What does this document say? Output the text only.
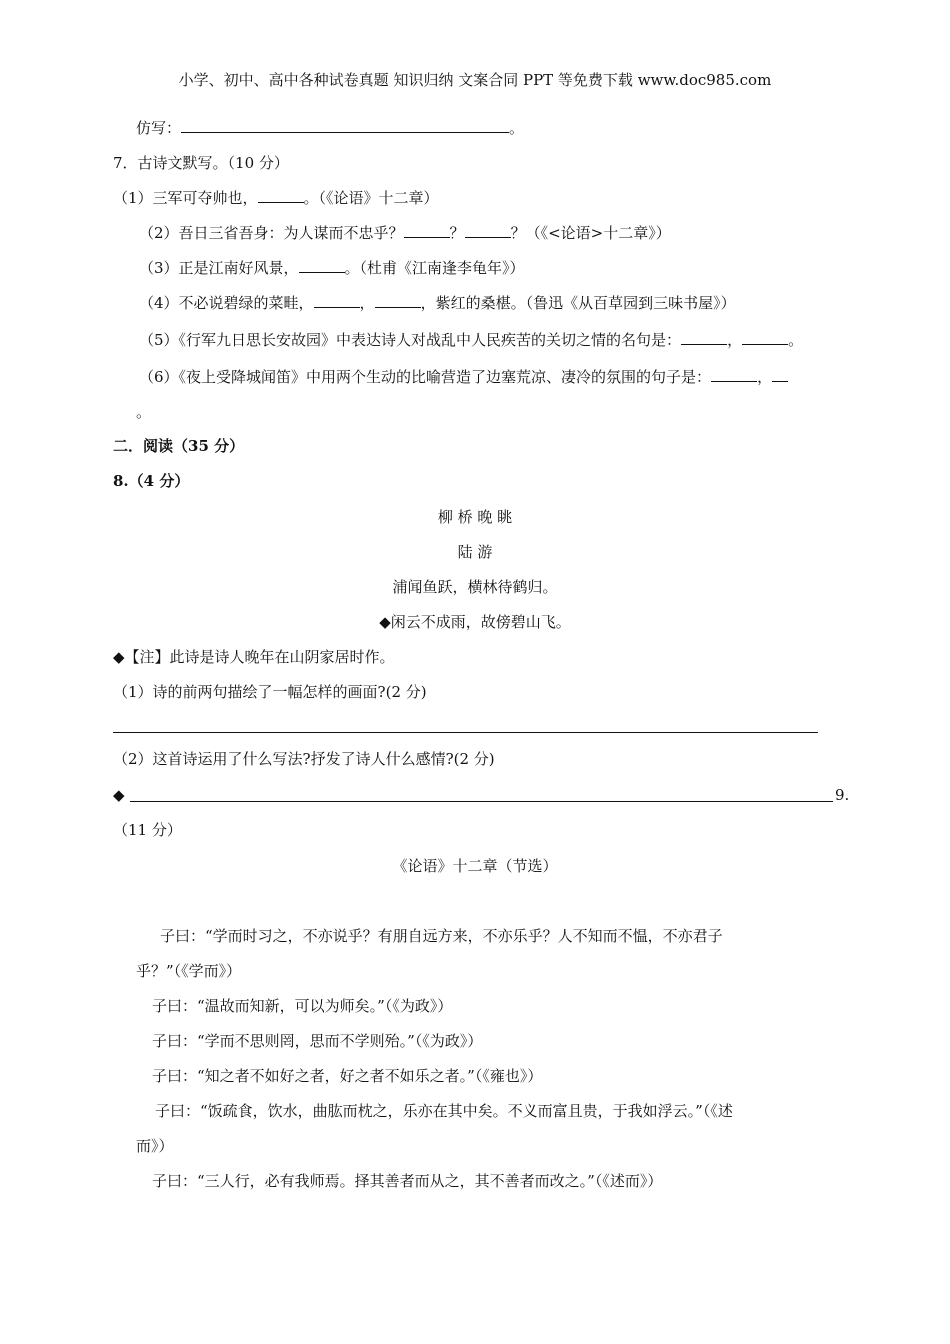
小学、初中、高中各种试卷真题 知识归纳 文案合同 PPT 等免费下载 www.doc985.com
仿写：	。
7．古诗文默写。（10 分）
（1）三军可夺帅也，	。（《论语》十二章）
（2）吾日三省吾身：为人谋而不忠乎？	？	？（《<论语>十二章》）
（3）正是江南好风景，	。（杜甫《江南逢李龟年》）
（4）不必说碧绿的菜畦，	，	，紫红的桑椹。（鲁迅《从百草园到三味书屋》）
（5）《行军九日思长安故园》中表达诗人对战乱中人民疾苦的关切之情的名句是：	，	。
（6）《夜上受降城闻笛》中用两个生动的比喻营造了边塞荒凉、凄冷的氛围的句子是：	，
。
二．阅读（35 分）
8.（4 分）
柳 桥 晚 眺
陆 游
浦闻鱼跃，横林待鹤归。
◆闲云不成雨，故傍碧山飞。
◆【注】此诗是诗人晚年在山阴家居时作。
（1）诗的前两句描绘了一幅怎样的画面?(2 分)
（2）这首诗运用了什么写法?抒发了诗人什么感情?(2 分)
◆	9.
（11 分）
《论语》十二章（节选）
子曰：“学而时习之，不亦说乎？有朋自远方来，不亦乐乎？人不知而不愠，不亦君子
乎？”（《学而》）
子曰：“温故而知新，可以为师矣。”（《为政》）
子曰：“学而不思则罔，思而不学则殆。”（《为政》）
子曰：“知之者不如好之者，好之者不如乐之者。”（《雍也》）
子曰：“饭疏食，饮水，曲肱而枕之，乐亦在其中矣。不义而富且贵，于我如浮云。”（《述
而》）
子曰：“三人行，必有我师焉。择其善者而从之，其不善者而改之。”（《述而》）
